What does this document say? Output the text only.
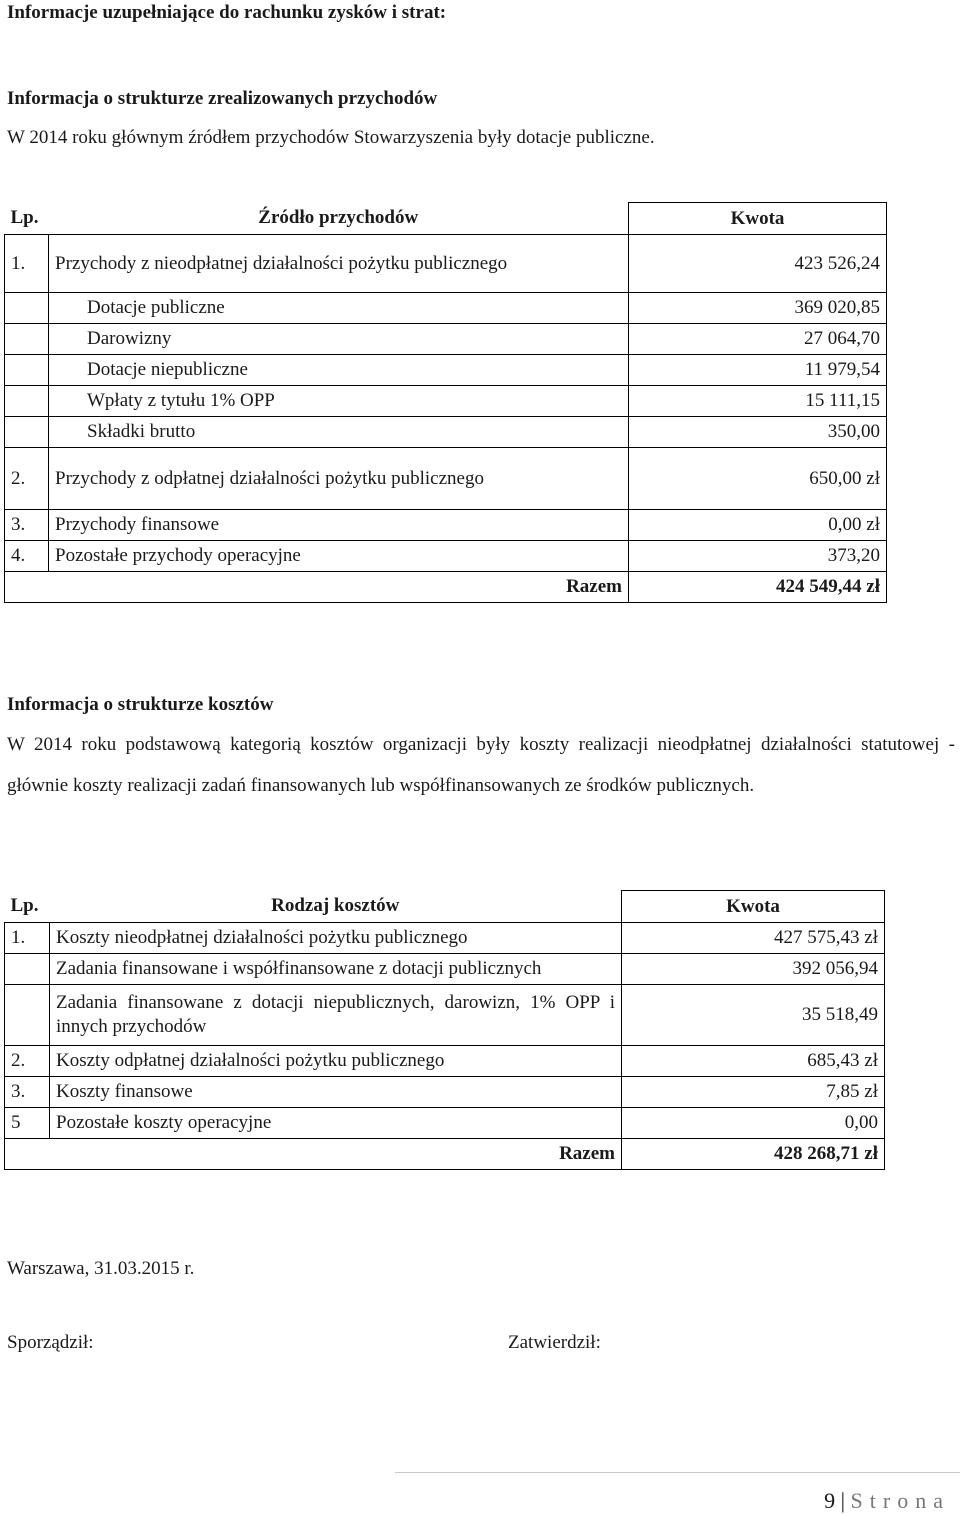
Informacje uzupełniające do rachunku zysków i strat:
Informacja o strukturze zrealizowanych przychodów
W 2014 roku głównym źródłem przychodów Stowarzyszenia były dotacje publiczne.
Lp.	Źródło przychodów	Kwota
1.	Przychody z nieodpłatnej działalności pożytku publicznego	423 526,24
	Dotacje publiczne	369 020,85
	Darowizny	27 064,70
	Dotacje niepubliczne	11 979,54
	Wpłaty z tytułu 1% OPP	15 111,15
	Składki brutto	350,00
2.	Przychody z odpłatnej działalności pożytku publicznego	650,00 zł
3.	Przychody finansowe	0,00 zł
4.	Pozostałe przychody operacyjne	373,20
Razem		424 549,44 zł
Informacja o strukturze kosztów
W 2014 roku podstawową kategorią kosztów organizacji były koszty realizacji nieodpłatnej działalności statutowej - głównie koszty realizacji zadań finansowanych lub współfinansowanych ze środków publicznych.
Lp.	Rodzaj kosztów	Kwota
1.	Koszty nieodpłatnej działalności pożytku publicznego	427 575,43 zł
	Zadania finansowane i współfinansowane z dotacji publicznych	392 056,94
	Zadania finansowane z dotacji niepublicznych, darowizn, 1% OPP i innych przychodów	35 518,49
2.	Koszty odpłatnej działalności pożytku publicznego	685,43 zł
3.	Koszty finansowe	7,85 zł
5	Pozostałe koszty operacyjne	0,00
Razem		428 268,71 zł
Warszawa, 31.03.2015 r.
Sporządził:	Zatwierdził:
9 | Strona
